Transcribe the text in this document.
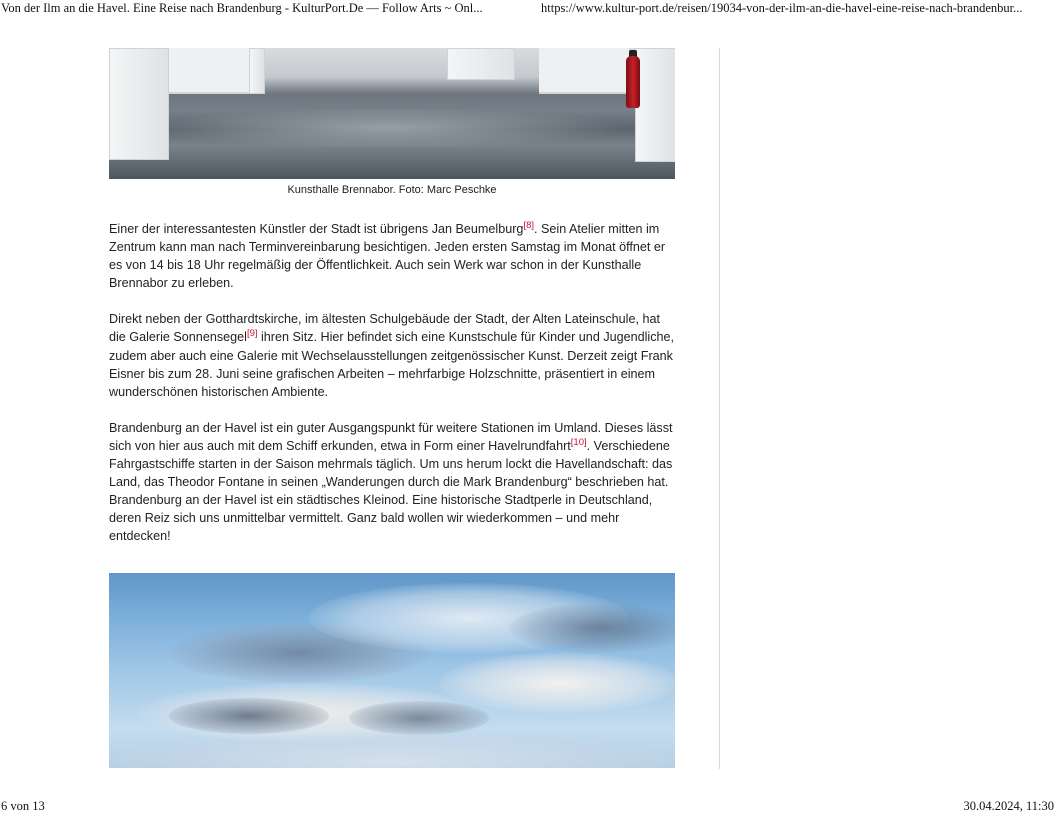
Von der Ilm an die Havel. Eine Reise nach Brandenburg - KulturPort.De — Follow Arts ~ Onl...	https://www.kultur-port.de/reisen/19034-von-der-ilm-an-die-havel-eine-reise-nach-brandenbur...
Kunsthalle Brennabor. Foto: Marc Peschke

Einer der interessantesten Künstler der Stadt ist übrigens Jan Beumelburg[8]. Sein Atelier mitten im Zentrum kann man nach Terminvereinbarung besichtigen. Jeden ersten Samstag im Monat öffnet er es von 14 bis 18 Uhr regelmäßig der Öffentlichkeit. Auch sein Werk war schon in der Kunsthalle Brennabor zu erleben.

Direkt neben der Gotthardtskirche, im ältesten Schulgebäude der Stadt, der Alten Lateinschule, hat die Galerie Sonnensegel[9] ihren Sitz. Hier befindet sich eine Kunstschule für Kinder und Jugendliche, zudem aber auch eine Galerie mit Wechselausstellungen zeitgenössischer Kunst. Derzeit zeigt Frank Eisner bis zum 28. Juni seine grafischen Arbeiten – mehrfarbige Holzschnitte, präsentiert in einem wunderschönen historischen Ambiente.

Brandenburg an der Havel ist ein guter Ausgangspunkt für weitere Stationen im Umland. Dieses lässt sich von hier aus auch mit dem Schiff erkunden, etwa in Form einer Havelrundfahrt[10]. Verschiedene Fahrgastschiffe starten in der Saison mehrmals täglich. Um uns herum lockt die Havellandschaft: das Land, das Theodor Fontane in seinen „Wanderungen durch die Mark Brandenburg“ beschrieben hat. Brandenburg an der Havel ist ein städtisches Kleinod. Eine historische Stadtperle in Deutschland, deren Reiz sich uns unmittelbar vermittelt. Ganz bald wollen wir wiederkommen – und mehr entdecken!

6 von 13	30.04.2024, 11:30
